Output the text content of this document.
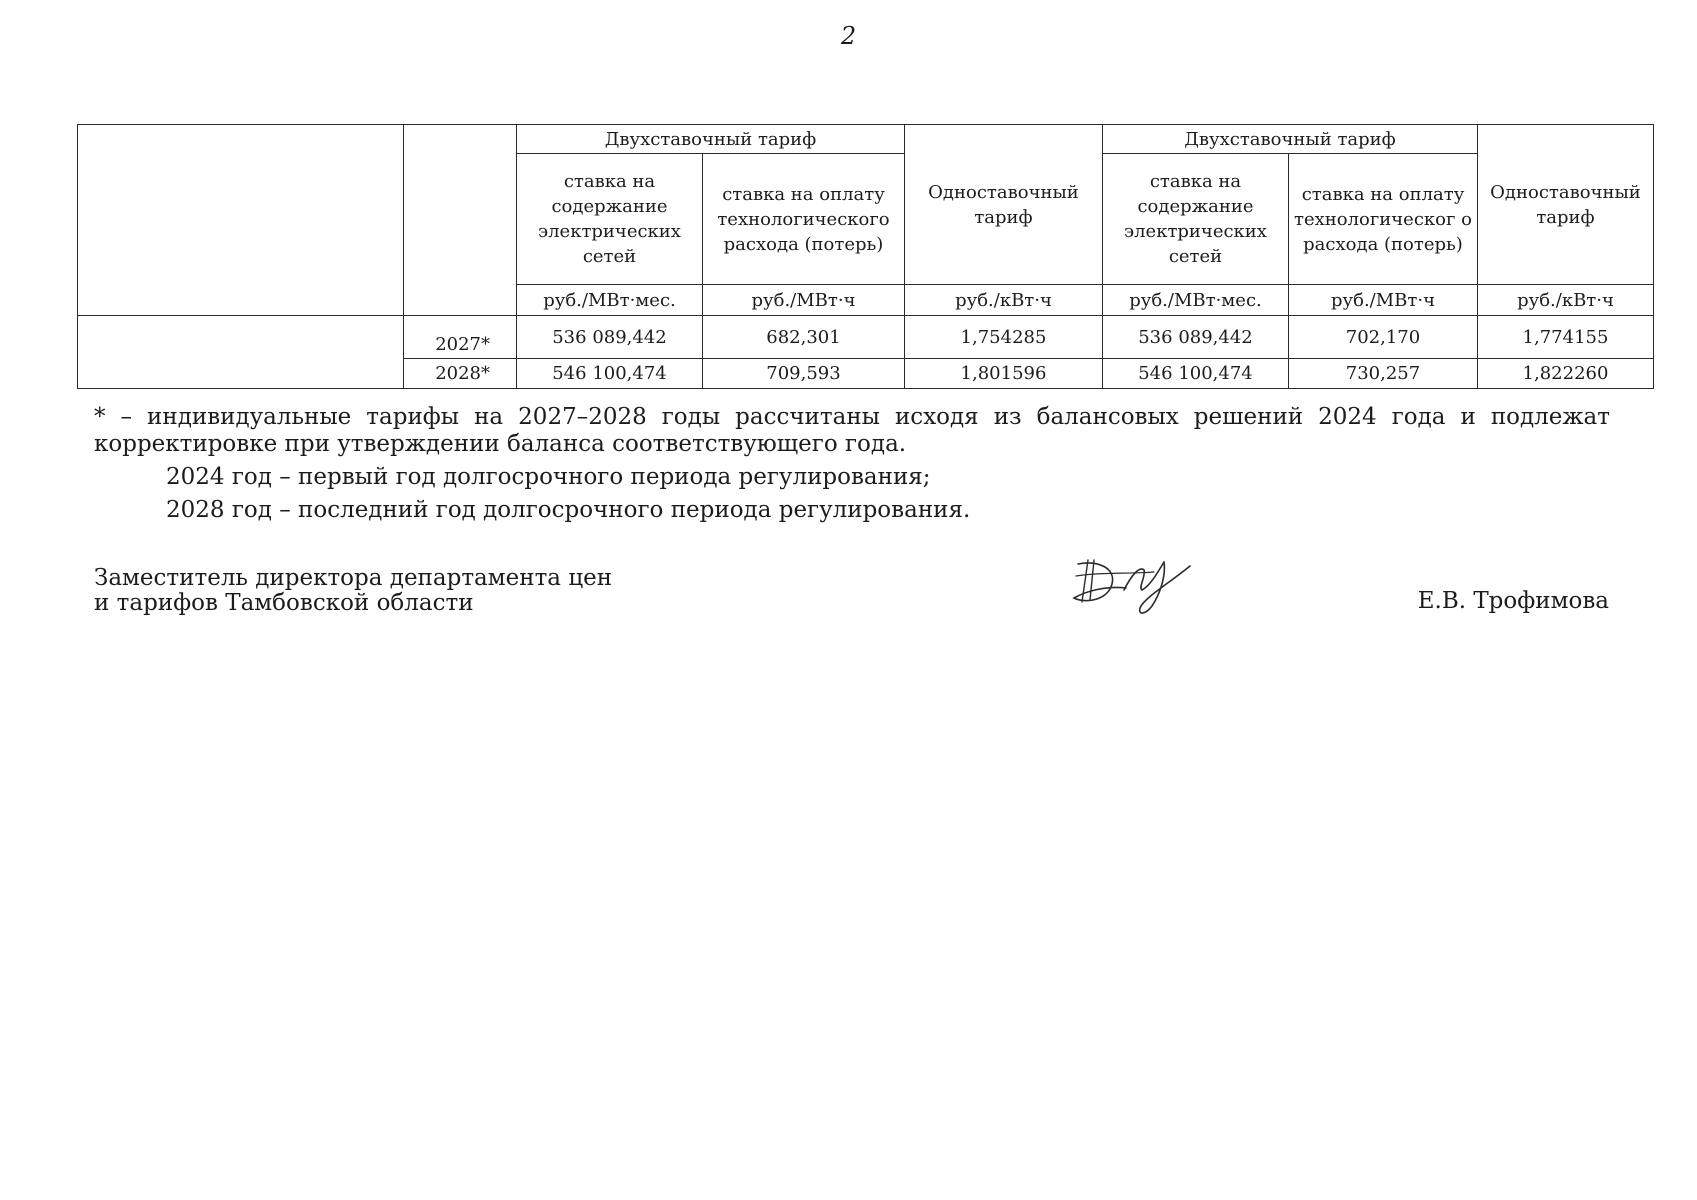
2
		Двухставочный тариф		Одноставочный тариф	Двухставочный тариф		Одноставочный тариф
		ставка на содержание электрических сетей	ставка на оплату технологического расхода (потерь)		ставка на содержание электрических сетей	ставка на оплату технологическог о расхода (потерь)	
		руб./МВт·мес.	руб./МВт·ч	руб./кВт·ч	руб./МВт·мес.	руб./МВт·ч	руб./кВт·ч
	2027*	536 089,442	682,301	1,754285	536 089,442	702,170	1,774155
	2028*	546 100,474	709,593	1,801596	546 100,474	730,257	1,822260
* – индивидуальные тарифы на 2027–2028 годы рассчитаны исходя из балансовых решений 2024 года и подлежат корректировке при утверждении баланса соответствующего года.
2024 год – первый год долгосрочного периода регулирования;
2028 год – последний год долгосрочного периода регулирования.
Заместитель директора департамента цен
и тарифов Тамбовской области	Е.В. Трофимова
